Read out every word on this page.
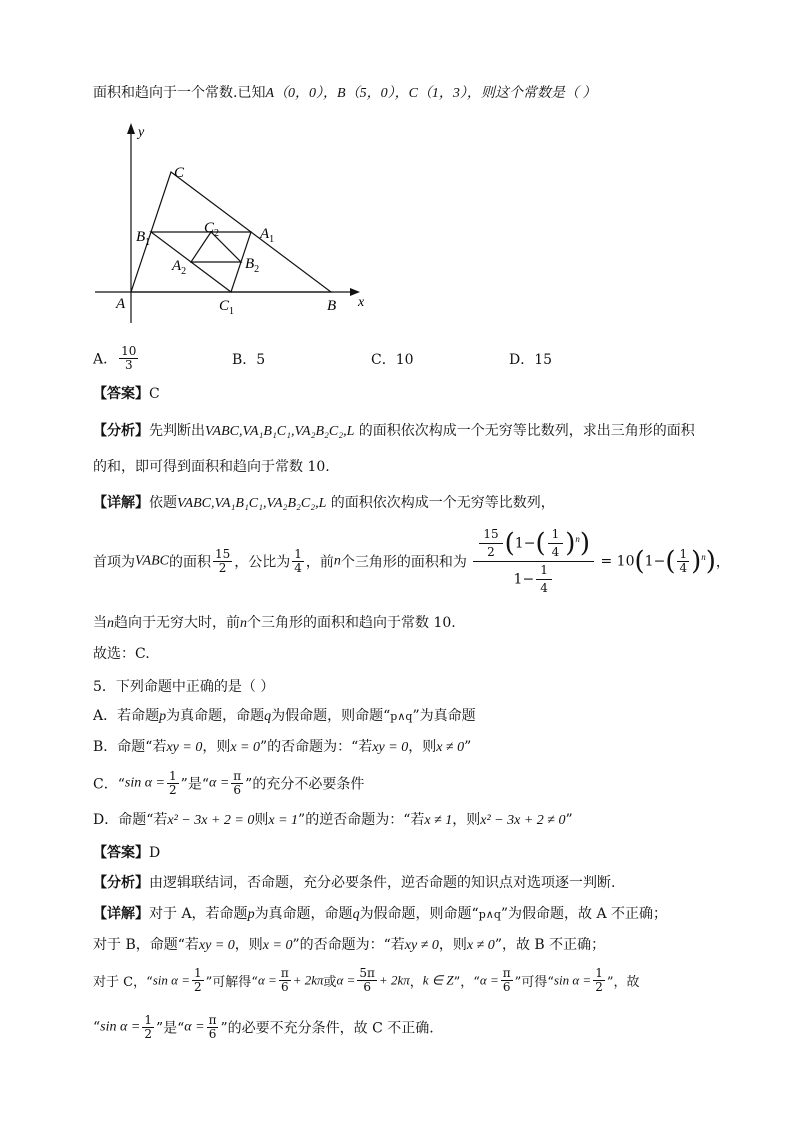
面积和趋向于一个常数.已知A（0，0），B（5，0），C（1，3），则这个常数是（ ）
y
x
C
A	B
$B_1$
$A_1$
$C_1$
$C_2$
$A_2$	$B_2$
A． $\frac{10}{3}$	B．5	C．10	D．15
【答案】C
【分析】先判断出VABC,VA₁B₁C₁,VA₂B₂C₂,L 的面积依次构成一个无穷等比数列，求出三角形的面积
的和，即可得到面积和趋向于常数 10.
【详解】依题VABC,VA₁B₁C₁,VA₂B₂C₂,L 的面积依次构成一个无穷等比数列，
首项为VABC的面积 $\frac{15}{2}$ ，公比为 $\frac{1}{4}$ ，前n个三角形的面积和为 $\frac{\frac{15}{2} (1-( \frac{1}{4} )^n)}{1- \frac{1}{4}} = 10(1-( \frac{1}{4} )^n)$，
当n趋向于无穷大时，前n个三角形的面积和趋向于常数 10.
故选：C.
5．下列命题中正确的是（ ）
A．若命题p为真命题，命题q为假命题，则命题“p∧q”为真命题
B．命题“若xy = 0，则x = 0”的否命题为：“若xy = 0，则x ≠ 0”
C．“sin $\alpha = \frac{1}{2}$ ”是“$\alpha = \frac{\pi}{6}$ ”的充分不必要条件
D．命题“若x² − 3x + 2 = 0则x = 1”的逆否命题为：“若x ≠ 1，则x² − 3x + 2 ≠ 0”
【答案】D
【分析】由逻辑联结词，否命题，充分必要条件，逆否命题的知识点对选项逐一判断.
【详解】对于 A，若命题p为真命题，命题q为假命题，则命题“p∧q”为假命题，故 A 不正确；
对于 B，命题“若xy = 0，则x = 0”的否命题为：“若xy ≠ 0，则x ≠ 0”，故 B 不正确；
对于 C，“sin $\alpha = \frac{1}{2}$ ”可解得“$\alpha = \frac{\pi}{6} + 2k\pi$或$\alpha = \frac{5\pi}{6} + 2k\pi$，k ∈ Z”，“$\alpha = \frac{\pi}{6}$ ”可得“sin $\alpha = \frac{1}{2}$ ”，故
“sin $\alpha = \frac{1}{2}$ ”是“$\alpha = \frac{\pi}{6}$ ”的必要不充分条件，故 C 不正确.
